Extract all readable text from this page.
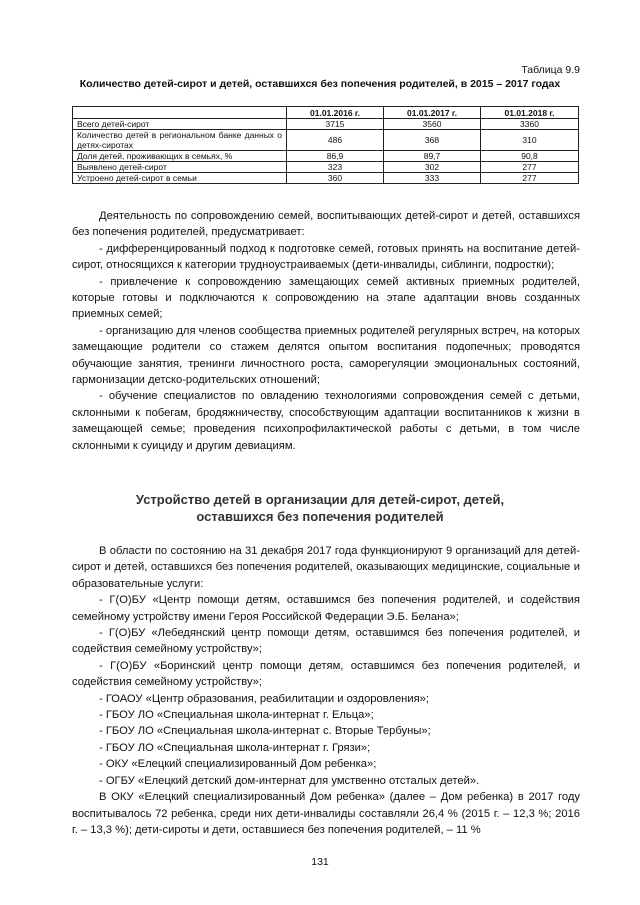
Таблица 9.9
Количество детей-сирот и детей, оставшихся без попечения родителей, в 2015 – 2017 годах
	01.01.2016 г.	01.01.2017 г.	01.01.2018 г.
Всего детей-сирот	3715	3560	3360
Количество детей в региональном банке данных о детях-сиротах	486	368	310
Доля детей, проживающих в семьях, %	86,9	89,7	90,8
Выявлено детей-сирот	323	302	277
Устроено детей-сирот в семьи	360	333	277

Деятельность по сопровождению семей, воспитывающих детей-сирот и детей, оставшихся без попечения родителей, предусматривает:

- дифференцированный подход к подготовке семей, готовых принять на воспитание детей-сирот, относящихся к категории трудноустраиваемых (дети-инвалиды, сиблинги, подростки);

- привлечение к сопровождению замещающих семей активных приемных родителей, которые готовы и подключаются к сопровождению на этапе адаптации вновь созданных приемных семей;

- организацию для членов сообщества приемных родителей регулярных встреч, на которых замещающие родители со стажем делятся опытом воспитания подопечных; проводятся обучающие занятия, тренинги личностного роста, саморегуляции эмоциональных состояний, гармонизации детско-родительских отношений;

- обучение специалистов по овладению технологиями сопровождения семей с детьми, склонными к побегам, бродяжничеству, способствующим адаптации воспитанников к жизни в замещающей семье; проведения психопрофилактической работы с детьми, в том числе склонными к суициду и другим девиациям.

Устройство детей в организации для детей-сирот, детей,
оставшихся без попечения родителей

В области по состоянию на 31 декабря 2017 года функционируют 9 организаций для детей-сирот и детей, оставшихся без попечения родителей, оказывающих медицинские, социальные и образовательные услуги:

- Г(О)БУ «Центр помощи детям, оставшимся без попечения родителей, и содействия семейному устройству имени Героя Российской Федерации Э.Б. Белана»;

- Г(О)БУ «Лебедянский центр помощи детям, оставшимся без попечения родителей, и содействия семейному устройству»;

- Г(О)БУ «Боринский центр помощи детям, оставшимся без попечения родителей, и содействия семейному устройству»;

- ГОАОУ «Центр образования, реабилитации и оздоровления»;

- ГБОУ ЛО «Специальная школа-интернат г. Ельца»;

- ГБОУ ЛО «Специальная школа-интернат с. Вторые Тербуны»;

- ГБОУ ЛО «Специальная школа-интернат г. Грязи»;

- ОКУ «Елецкий специализированный Дом ребенка»;

- ОГБУ «Елецкий детский дом-интернат для умственно отсталых детей».

В ОКУ «Елецкий специализированный Дом ребенка» (далее – Дом ребенка) в 2017 году воспитывалось 72 ребенка, среди них дети-инвалиды составляли 26,4 % (2015 г. – 12,3 %; 2016 г. – 13,3 %); дети-сироты и дети, оставшиеся без попечения родителей, – 11 %

131
